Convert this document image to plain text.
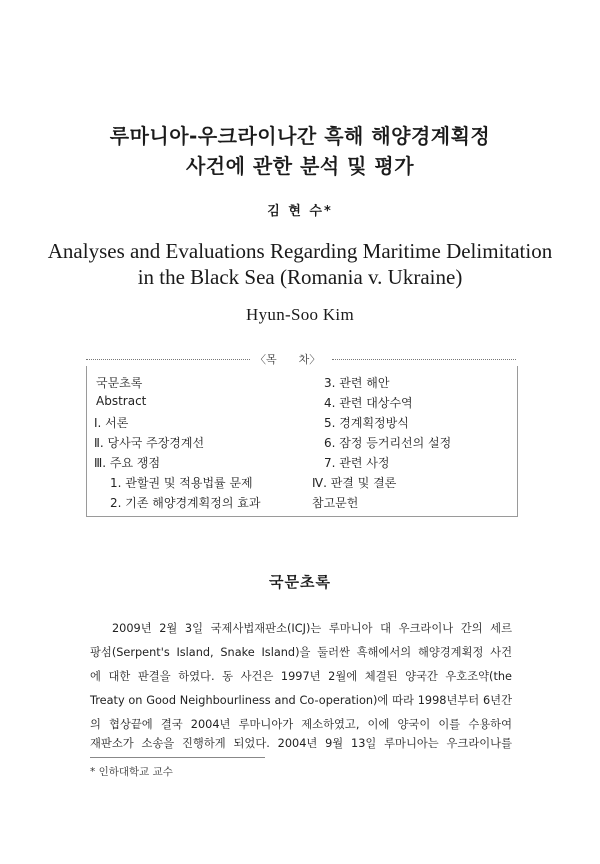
루마니아-우크라이나간 흑해 해양경계획정
사건에 관한 분석 및 평가
김 현 수*
Analyses and Evaluations Regarding Maritime Delimitation
in the Black Sea (Romania v. Ukraine)
Hyun-Soo Kim
〈목　　차〉
국문초록
Abstract
Ⅰ. 서론
Ⅱ. 당사국 주장경계선
Ⅲ. 주요 쟁점
1. 관할권 및 적용법률 문제
2. 기존 해양경계획정의 효과
3. 관련 해안
4. 관련 대상수역
5. 경계획정방식
6. 잠정 등거리선의 설정
7. 관련 사정
Ⅳ. 판결 및 결론
참고문헌
국문초록
2009년 2월 3일 국제사법재판소(ICJ)는 루마니아 대 우크라이나 간의 세르
팡섬(Serpent's Island, Snake Island)을 둘러싼 흑해에서의 해양경계획정 사건
에 대한 판결을 하였다. 동 사건은 1997년 2월에 체결된 양국간 우호조약(the
Treaty on Good Neighbourliness and Co-operation)에 따라 1998년부터 6년간
의 협상끝에 결국 2004년 루마니아가 제소하였고, 이에 양국이 이를 수용하여
재판소가 소송을 진행하게 되었다. 2004년 9월 13일 루마니아는 우크라이나를
* 인하대학교 교수
